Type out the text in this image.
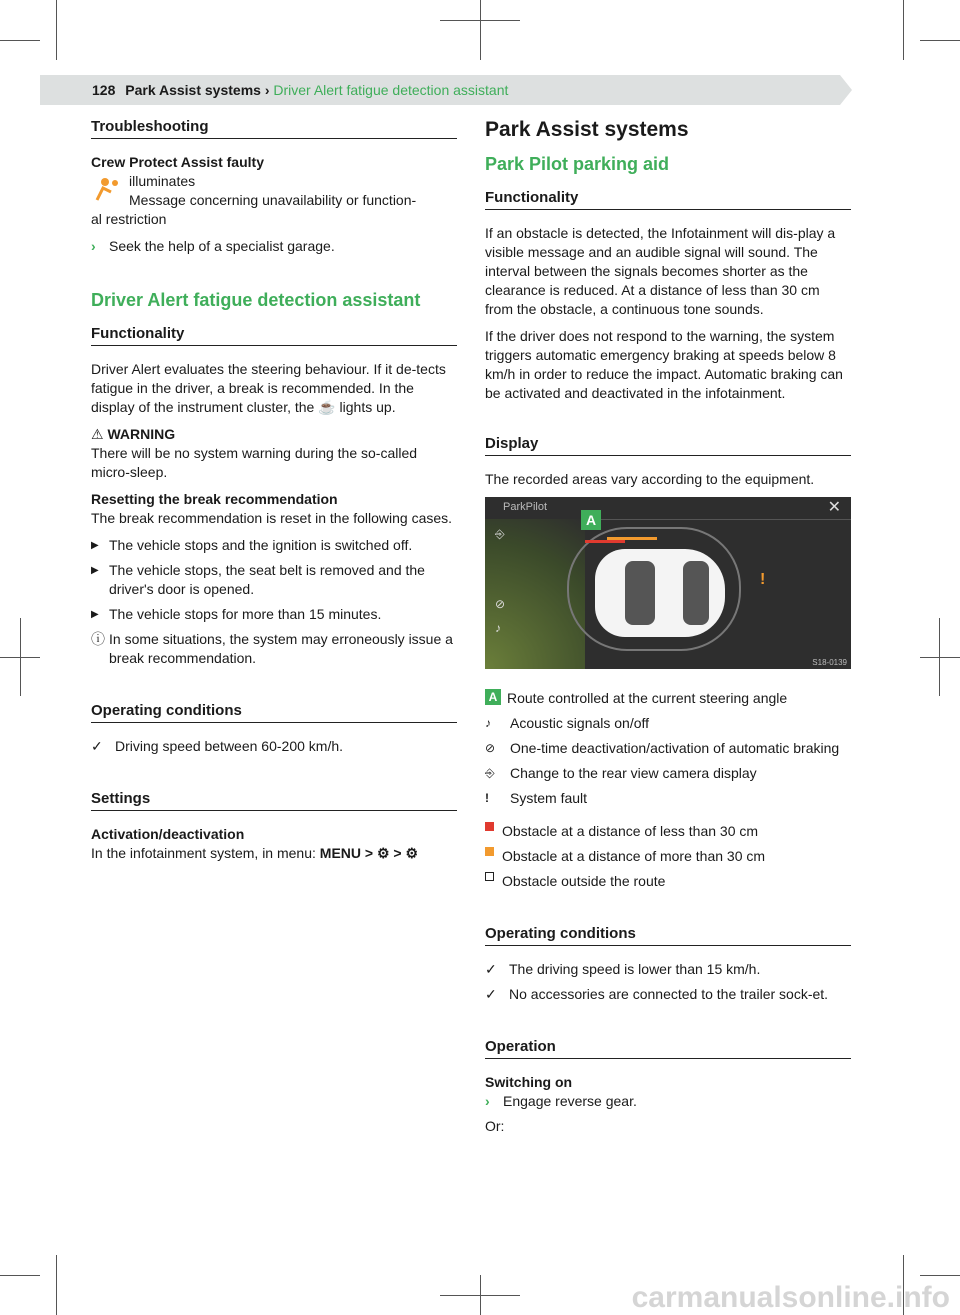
128 Park Assist systems › Driver Alert fatigue detection assistant
Troubleshooting

Crew Protect Assist faulty

illuminates
Message concerning unavailability or function-

al restriction

› Seek the help of a specialist garage.
Driver Alert fatigue detection assistant
Functionality

Driver Alert evaluates the steering behaviour. If it de-tects fatigue in the driver, a break is recommended. In the display of the instrument cluster, the ☕ lights up.

⚠ WARNING

There will be no system warning during the so-called micro-sleep.

Resetting the break recommendation

The break recommendation is reset in the following cases.

▶ The vehicle stops and the ignition is switched off.
▶ The vehicle stops, the seat belt is removed and the driver's door is opened.
▶ The vehicle stops for more than 15 minutes.
ⓘ In some situations, the system may erroneously issue a break recommendation.
Operating conditions
✓ Driving speed between 60-200 km/h.
Settings

Activation/deactivation

In the infotainment system, in menu: MENU > ⚙ > ⚙

Park Assist systems
Park Pilot parking aid
Functionality

If an obstacle is detected, the Infotainment will dis-play a visible message and an audible signal will sound. The interval between the signals becomes shorter as the clearance is reduced. At a distance of less than 30 cm from the obstacle, a continuous tone sounds.

If the driver does not respond to the warning, the system triggers automatic emergency braking at speeds below 8 km/h in order to reduce the impact. Automatic braking can be activated and deactivated in the infotainment.

Display

The recorded areas vary according to the equipment.

ParkPilot	✕
A
!
⎆
⊘
♪
S18-0139
A Route controlled at the current steering angle
♪	Acoustic signals on/off
⊘	One-time deactivation/activation of automatic braking
⎆	Change to the rear view camera display
!	System fault
Obstacle at a distance of less than 30 cm
Obstacle at a distance of more than 30 cm
Obstacle outside the route
Operating conditions
✓ The driving speed is lower than 15 km/h.
✓ No accessories are connected to the trailer sock-et.
Operation

Switching on

› Engage reverse gear.

Or:

carmanualsonline.info
